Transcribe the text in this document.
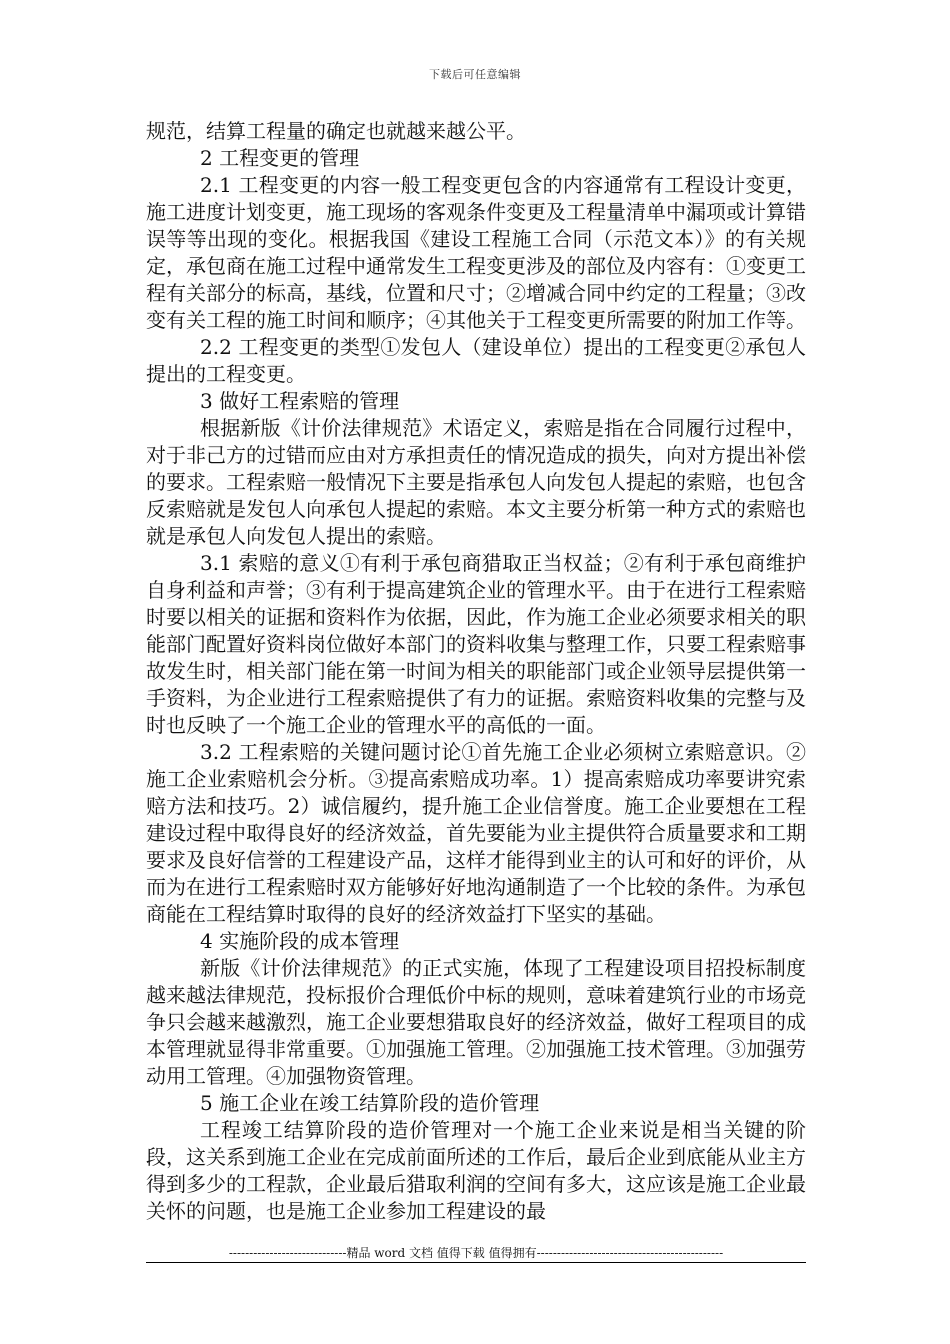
下载后可任意编辑

规范，结算工程量的确定也就越来越公平。

2 工程变更的管理

2.1 工程变更的内容一般工程变更包含的内容通常有工程设计变更，施工进度计划变更，施工现场的客观条件变更及工程量清单中漏项或计算错误等等出现的变化。根据我国《建设工程施工合同（示范文本）》的有关规定，承包商在施工过程中通常发生工程变更涉及的部位及内容有：①变更工程有关部分的标高，基线，位置和尺寸；②增减合同中约定的工程量；③改变有关工程的施工时间和顺序；④其他关于工程变更所需要的附加工作等。

2.2 工程变更的类型①发包人（建设单位）提出的工程变更②承包人提出的工程变更。

3 做好工程索赔的管理

根据新版《计价法律规范》术语定义，索赔是指在合同履行过程中，对于非己方的过错而应由对方承担责任的情况造成的损失，向对方提出补偿的要求。工程索赔一般情况下主要是指承包人向发包人提起的索赔，也包含反索赔就是发包人向承包人提起的索赔。本文主要分析第一种方式的索赔也就是承包人向发包人提出的索赔。

3.1 索赔的意义①有利于承包商猎取正当权益；②有利于承包商维护自身利益和声誉；③有利于提高建筑企业的管理水平。由于在进行工程索赔时要以相关的证据和资料作为依据，因此，作为施工企业必须要求相关的职能部门配置好资料岗位做好本部门的资料收集与整理工作，只要工程索赔事故发生时，相关部门能在第一时间为相关的职能部门或企业领导层提供第一手资料，为企业进行工程索赔提供了有力的证据。索赔资料收集的完整与及时也反映了一个施工企业的管理水平的高低的一面。

3.2 工程索赔的关键问题讨论①首先施工企业必须树立索赔意识。②施工企业索赔机会分析。③提高索赔成功率。1）提高索赔成功率要讲究索赔方法和技巧。2）诚信履约，提升施工企业信誉度。施工企业要想在工程建设过程中取得良好的经济效益，首先要能为业主提供符合质量要求和工期要求及良好信誉的工程建设产品，这样才能得到业主的认可和好的评价，从而为在进行工程索赔时双方能够好好地沟通制造了一个比较的条件。为承包商能在工程结算时取得的良好的经济效益打下坚实的基础。

4 实施阶段的成本管理

新版《计价法律规范》的正式实施，体现了工程建设项目招投标制度越来越法律规范，投标报价合理低价中标的规则，意味着建筑行业的市场竞争只会越来越激烈，施工企业要想猎取良好的经济效益，做好工程项目的成本管理就显得非常重要。①加强施工管理。②加强施工技术管理。③加强劳动用工管理。④加强物资管理。

5 施工企业在竣工结算阶段的造价管理

工程竣工结算阶段的造价管理对一个施工企业来说是相当关键的阶段，这关系到施工企业在完成前面所述的工作后，最后企业到底能从业主方得到多少的工程款，企业最后猎取利润的空间有多大，这应该是施工企业最关怀的问题，也是施工企业参加工程建设的最

-----------------------------精品 word 文档 值得下载 值得拥有----------------------------------------------
